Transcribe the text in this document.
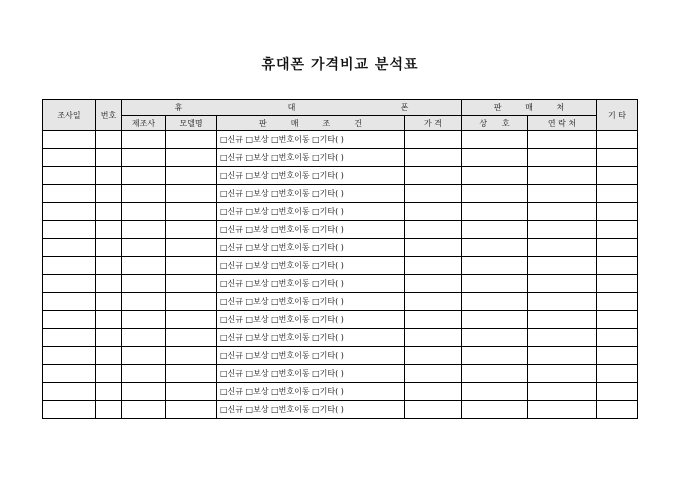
휴대폰 가격비교 분석표
조사일	번호	휴 대 폰				판 매 처		기 타
		제조사	모델명	판 매 조 건	가 격	상 호	연 락 처	
				□신규 □보상 □번호이동 □기타( )				
				□신규 □보상 □번호이동 □기타( )				
				□신규 □보상 □번호이동 □기타( )				
				□신규 □보상 □번호이동 □기타( )				
				□신규 □보상 □번호이동 □기타( )				
				□신규 □보상 □번호이동 □기타( )				
				□신규 □보상 □번호이동 □기타( )				
				□신규 □보상 □번호이동 □기타( )				
				□신규 □보상 □번호이동 □기타( )				
				□신규 □보상 □번호이동 □기타( )				
				□신규 □보상 □번호이동 □기타( )				
				□신규 □보상 □번호이동 □기타( )				
				□신규 □보상 □번호이동 □기타( )				
				□신규 □보상 □번호이동 □기타( )				
				□신규 □보상 □번호이동 □기타( )				
				□신규 □보상 □번호이동 □기타( )				
